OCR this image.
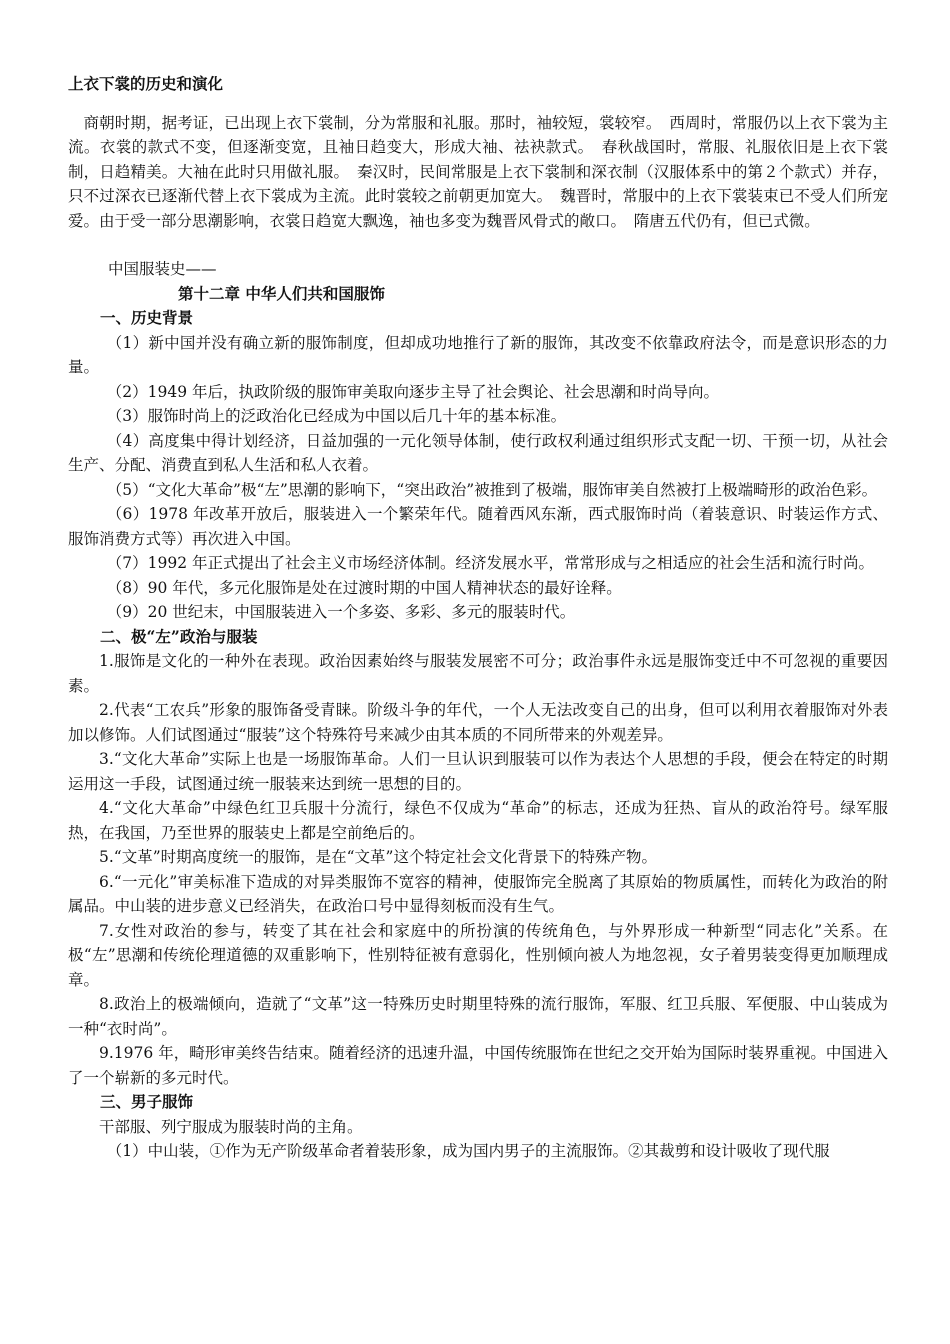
上衣下裳的历史和演化

商朝时期，据考证，已出现上衣下裳制，分为常服和礼服。那时，袖较短，裳较窄。 西周时，常服仍以上衣下裳为主流。衣裳的款式不变，但逐渐变宽，且袖日趋变大，形成大袖、祛袂款式。 春秋战国时，常服、礼服依旧是上衣下裳制，日趋精美。大袖在此时只用做礼服。 秦汉时，民间常服是上衣下裳制和深衣制（汉服体系中的第２个款式）并存，只不过深衣已逐渐代替上衣下裳成为主流。此时裳较之前朝更加宽大。 魏晋时，常服中的上衣下裳装束已不受人们所宠爱。由于受一部分思潮影响，衣裳日趋宽大飘逸，袖也多变为魏晋风骨式的敞口。 隋唐五代仍有，但已式微。

中国服装史——

第十二章 中华人们共和国服饰

一、历史背景

（1）新中国并没有确立新的服饰制度，但却成功地推行了新的服饰，其改变不依靠政府法令，而是意识形态的力量。

（2）1949 年后，执政阶级的服饰审美取向逐步主导了社会舆论、社会思潮和时尚导向。

（3）服饰时尚上的泛政治化已经成为中国以后几十年的基本标准。

（4）高度集中得计划经济，日益加强的一元化领导体制，使行政权利通过组织形式支配一切、干预一切，从社会生产、分配、消费直到私人生活和私人衣着。

（5）“文化大革命”极“左”思潮的影响下，“突出政治”被推到了极端，服饰审美自然被打上极端畸形的政治色彩。

（6）1978 年改革开放后，服装进入一个繁荣年代。随着西风东渐，西式服饰时尚（着装意识、时装运作方式、服饰消费方式等）再次进入中国。

（7）1992 年正式提出了社会主义市场经济体制。经济发展水平，常常形成与之相适应的社会生活和流行时尚。

（8）90 年代，多元化服饰是处在过渡时期的中国人精神状态的最好诠释。

（9）20 世纪末，中国服装进入一个多姿、多彩、多元的服装时代。

二、极“左”政治与服装

1.服饰是文化的一种外在表现。政治因素始终与服装发展密不可分；政治事件永远是服饰变迁中不可忽视的重要因素。

2.代表“工农兵”形象的服饰备受青睐。阶级斗争的年代，一个人无法改变自己的出身，但可以利用衣着服饰对外表加以修饰。人们试图通过“服装”这个特殊符号来减少由其本质的不同所带来的外观差异。

3.“文化大革命”实际上也是一场服饰革命。人们一旦认识到服装可以作为表达个人思想的手段，便会在特定的时期运用这一手段，试图通过统一服装来达到统一思想的目的。

4.“文化大革命”中绿色红卫兵服十分流行，绿色不仅成为“革命”的标志，还成为狂热、盲从的政治符号。绿军服热，在我国，乃至世界的服装史上都是空前绝后的。

5.“文革”时期高度统一的服饰，是在“文革”这个特定社会文化背景下的特殊产物。

6.“一元化”审美标准下造成的对异类服饰不宽容的精神，使服饰完全脱离了其原始的物质属性，而转化为政治的附属品。中山装的进步意义已经消失，在政治口号中显得刻板而没有生气。

7.女性对政治的参与，转变了其在社会和家庭中的所扮演的传统角色，与外界形成一种新型“同志化”关系。在极“左”思潮和传统伦理道德的双重影响下，性别特征被有意弱化，性别倾向被人为地忽视，女子着男装变得更加顺理成章。

8.政治上的极端倾向，造就了“文革”这一特殊历史时期里特殊的流行服饰，军服、红卫兵服、军便服、中山装成为一种“衣时尚”。

9.1976 年，畸形审美终告结束。随着经济的迅速升温，中国传统服饰在世纪之交开始为国际时装界重视。中国进入了一个崭新的多元时代。

三、男子服饰

干部服、列宁服成为服装时尚的主角。

（1）中山装，①作为无产阶级革命者着装形象，成为国内男子的主流服饰。②其裁剪和设计吸收了现代服
